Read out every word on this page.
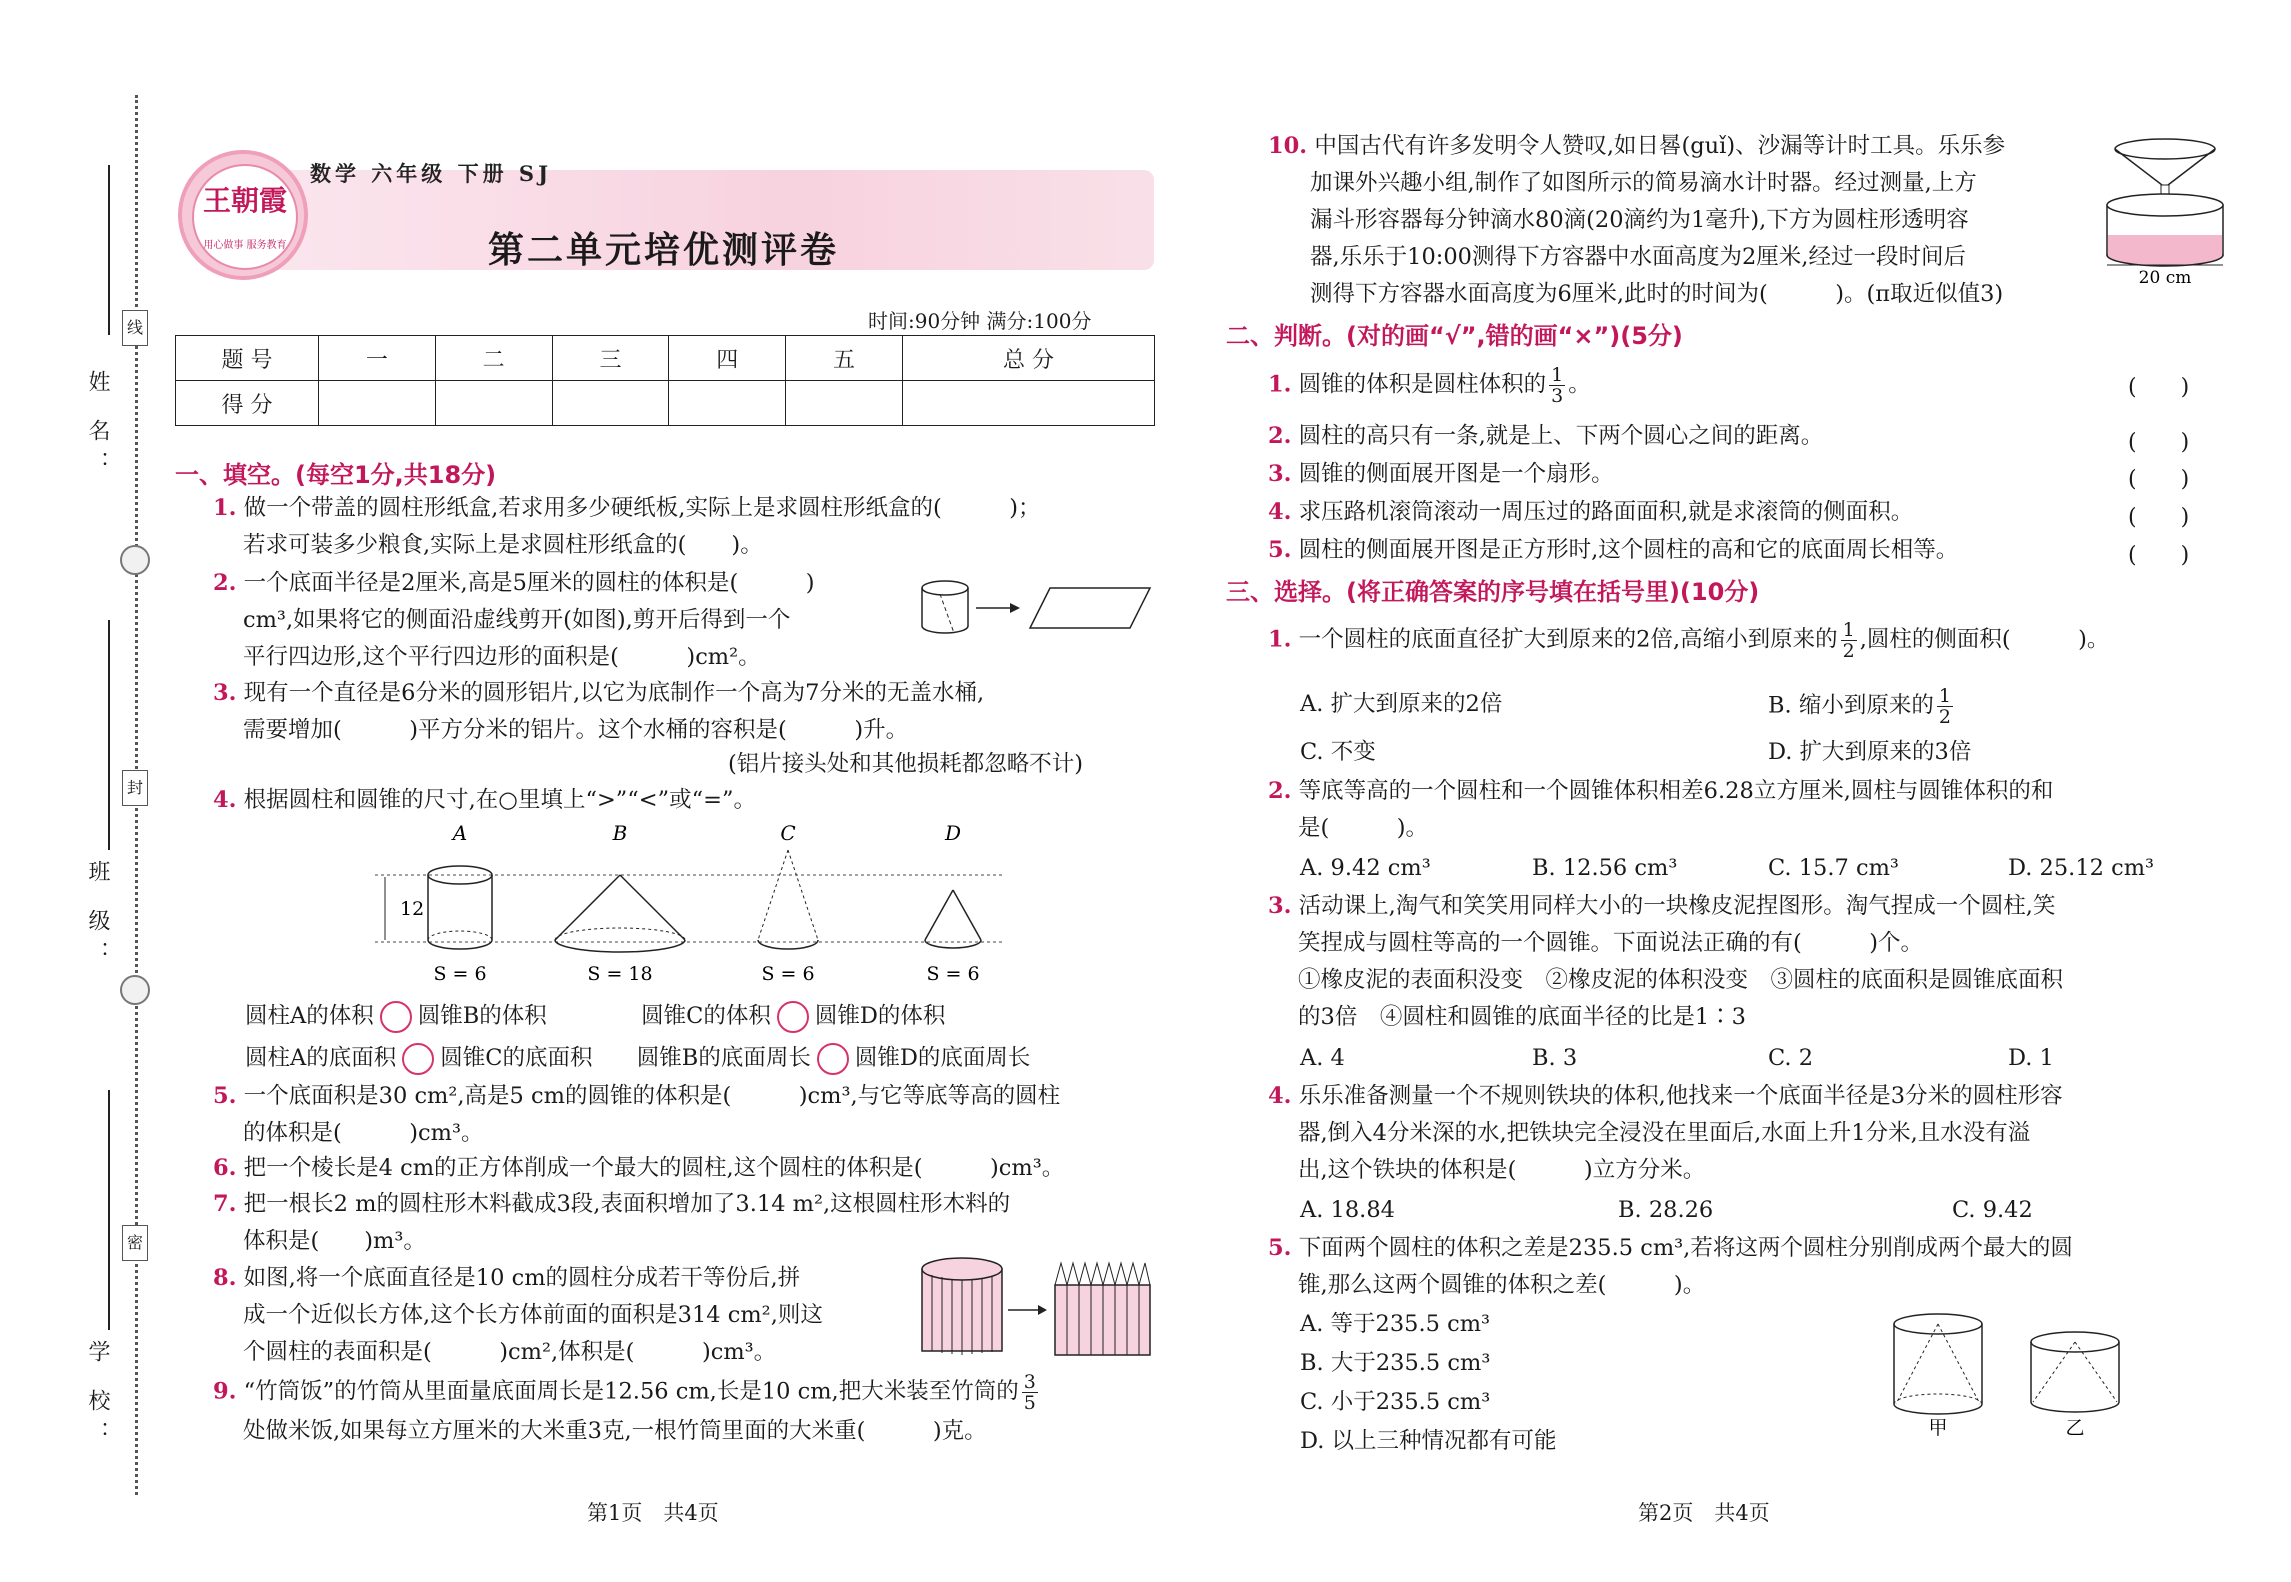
姓 名：
班 级：
学 校：
线
封
密
王朝霞
用心做事 服务教育
数学 六年级 下册 SJ
第二单元培优测评卷
时间:90分钟 满分:100分
题 号	一	二	三	四	五	总 分
得 分						
一、填空。(每空1分,共18分)
1. 做一个带盖的圆柱形纸盒,若求用多少硬纸板,实际上是求圆柱形纸盒的(　　　)；
若求可装多少粮食,实际上是求圆柱形纸盒的(　　)。
2. 一个底面半径是2厘米,高是5厘米的圆柱的体积是(　　　)
cm³,如果将它的侧面沿虚线剪开(如图),剪开后得到一个
平行四边形,这个平行四边形的面积是(　　　)cm²。
3. 现有一个直径是6分米的圆形铝片,以它为底制作一个高为7分米的无盖水桶,
需要增加(　　　)平方分米的铝片。这个水桶的容积是(　　　)升。
(铝片接头处和其他损耗都忽略不计)
4. 根据圆柱和圆锥的尺寸,在○里填上“>”“<”或“=”。
A	B	C	D
12
S = 6	S = 18	S = 6	S = 6
圆柱A的体积 圆锥B的体积	圆锥C的体积 圆锥D的体积
圆柱A的底面积 圆锥C的底面积 圆锥B的底面周长 圆锥D的底面周长
5. 一个底面积是30 cm²,高是5 cm的圆锥的体积是(　　　)cm³,与它等底等高的圆柱
的体积是(　　　)cm³。
6. 把一个棱长是4 cm的正方体削成一个最大的圆柱,这个圆柱的体积是(　　　)cm³。
7. 把一根长2 m的圆柱形木料截成3段,表面积增加了3.14 m²,这根圆柱形木料的
体积是(　　)m³。
8. 如图,将一个底面直径是10 cm的圆柱分成若干等份后,拼
成一个近似长方体,这个长方体前面的面积是314 cm²,则这
个圆柱的表面积是(　　　)cm²,体积是(　　　)cm³。
9. “竹筒饭”的竹筒从里面量底面周长是12.56 cm,长是10 cm,把大米装至竹筒的 $\frac{3}{5}$

处做米饭,如果每立方厘米的大米重3克,一根竹筒里面的大米重(　　　)克。
第1页　共4页
10. 中国古代有许多发明令人赞叹,如日晷(guǐ)、沙漏等计时工具。乐乐参
加课外兴趣小组,制作了如图所示的简易滴水计时器。经过测量,上方
漏斗形容器每分钟滴水80滴(20滴约为1毫升),下方为圆柱形透明容
器,乐乐于10:00测得下方容器中水面高度为2厘米,经过一段时间后
测得下方容器水面高度为6厘米,此时的时间为(　　　)。(π取近似值3)
20 cm
二、判断。(对的画“√”,错的画“×”)(5分)
1. 圆锥的体积是圆柱体积的 $\frac{1}{3}$ 。	(　　)
2. 圆柱的高只有一条,就是上、下两个圆心之间的距离。	(　　)
3. 圆锥的侧面展开图是一个扇形。	(　　)
4. 求压路机滚筒滚动一周压过的路面面积,就是求滚筒的侧面积。	(　　)
5. 圆柱的侧面展开图是正方形时,这个圆柱的高和它的底面周长相等。	(　　)
三、选择。(将正确答案的序号填在括号里)(10分)
1. 一个圆柱的底面直径扩大到原来的2倍,高缩小到原来的 $\frac{1}{2}$ ,圆柱的侧面积(　　　)。
A. 扩大到原来的2倍	B. 缩小到原来的 $\frac{1}{2}$
C. 不变	D. 扩大到原来的3倍
2. 等底等高的一个圆柱和一个圆锥体积相差6.28立方厘米,圆柱与圆锥体积的和
是(　　　)。
A. 9.42 cm³	B. 12.56 cm³	C. 15.7 cm³	D. 25.12 cm³
3. 活动课上,淘气和笑笑用同样大小的一块橡皮泥捏图形。淘气捏成一个圆柱,笑
笑捏成与圆柱等高的一个圆锥。下面说法正确的有(　　　)个。
①橡皮泥的表面积没变　②橡皮泥的体积没变　③圆柱的底面积是圆锥底面积
的3倍　④圆柱和圆锥的底面半径的比是1∶3
A. 4	B. 3	C. 2	D. 1
4. 乐乐准备测量一个不规则铁块的体积,他找来一个底面半径是3分米的圆柱形容
器,倒入4分米深的水,把铁块完全浸没在里面后,水面上升1分米,且水没有溢
出,这个铁块的体积是(　　　)立方分米。
A. 18.84	B. 28.26	C. 9.42
5. 下面两个圆柱的体积之差是235.5 cm³,若将这两个圆柱分别削成两个最大的圆
锥,那么这两个圆锥的体积之差(　　　)。
A. 等于235.5 cm³
B. 大于235.5 cm³
C. 小于235.5 cm³
D. 以上三种情况都有可能	甲	乙
第2页　共4页
